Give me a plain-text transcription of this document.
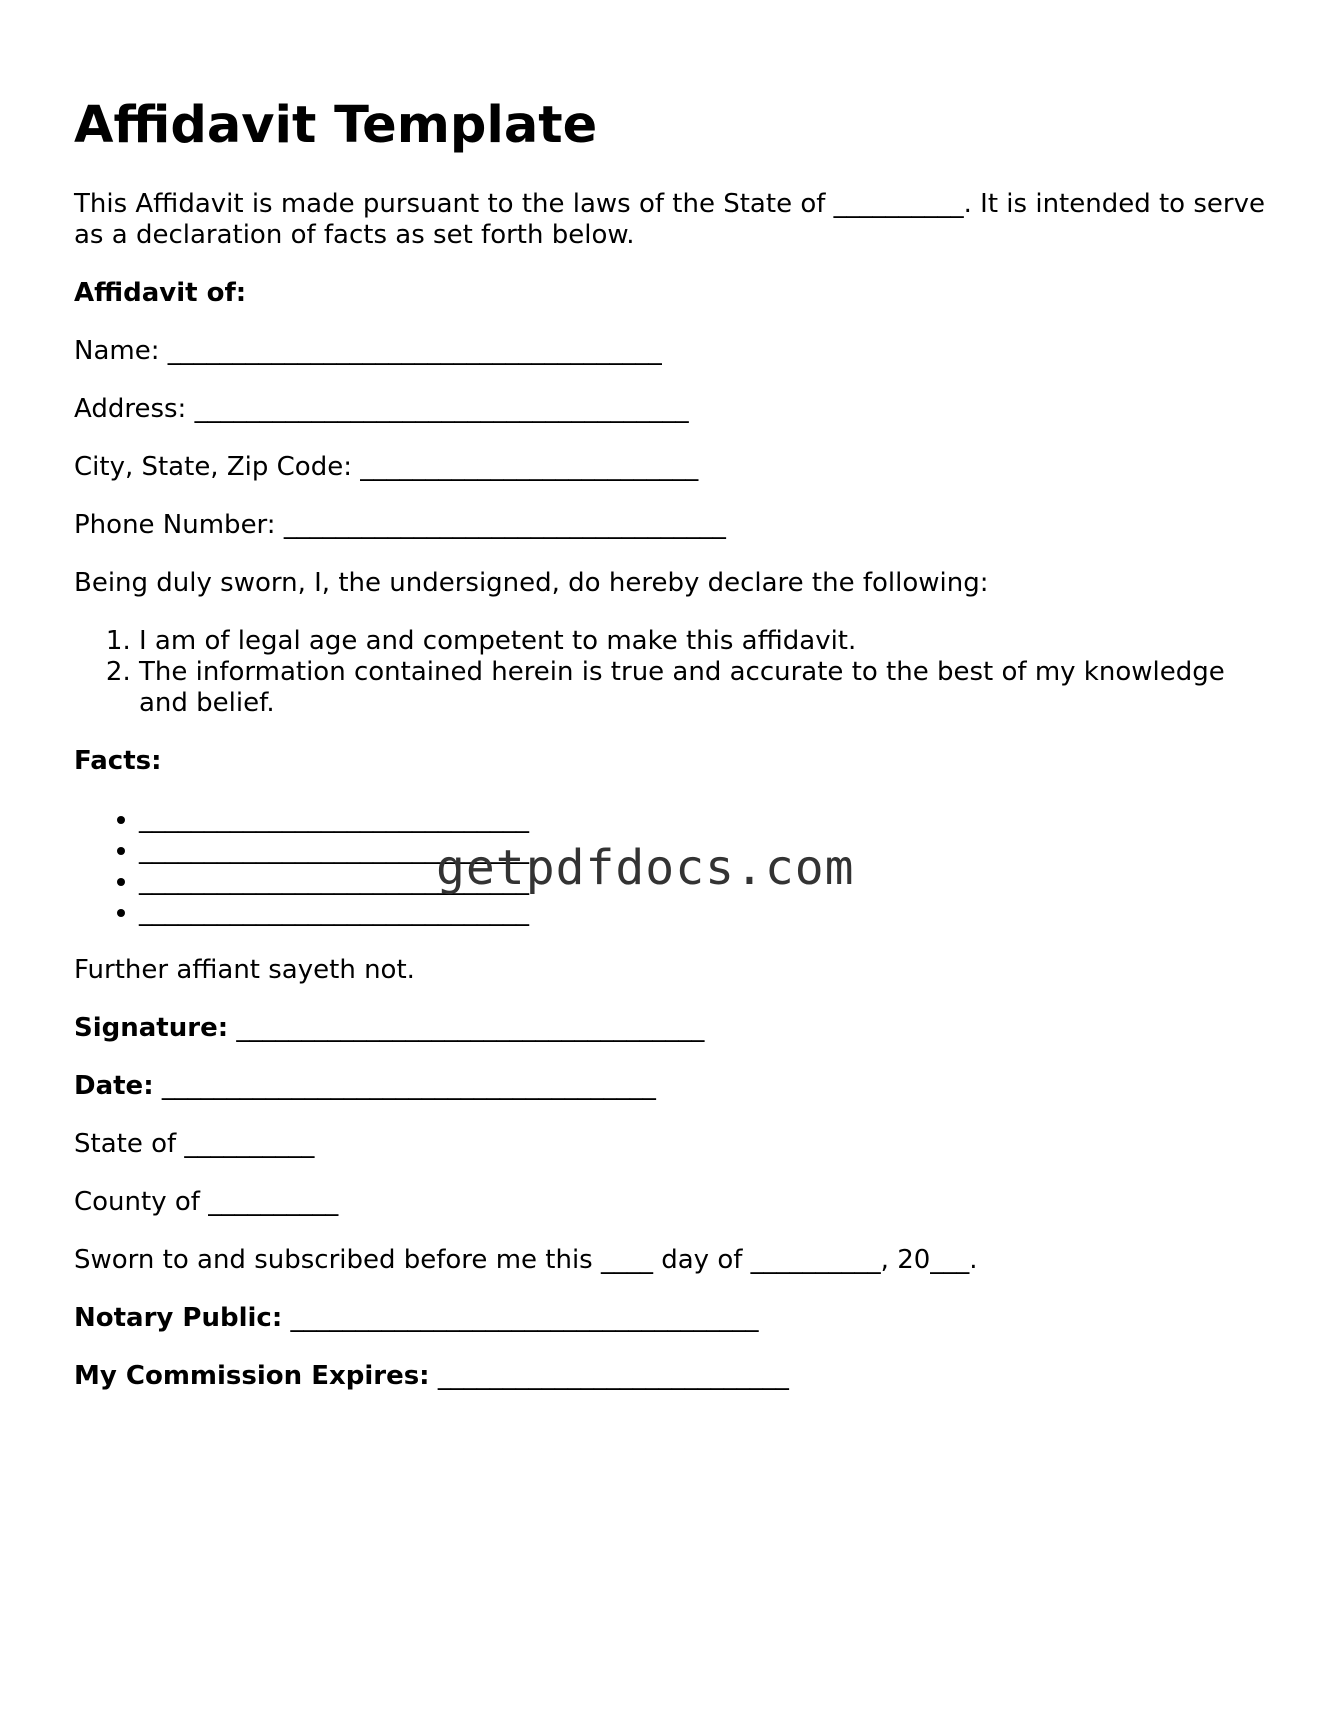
Affidavit Template

This Affidavit is made pursuant to the laws of the State of __________. It is intended to serve as a declaration of facts as set forth below.

Affidavit of:

Name: ______________________________________

Address: ______________________________________

City, State, Zip Code: __________________________

Phone Number: __________________________________

Being duly sworn, I, the undersigned, do hereby declare the following:

1. I am of legal age and competent to make this affidavit.
2. The information contained herein is true and accurate to the best of my knowledge and belief.

Facts:

• ______________________________
• ______________________________
• ______________________________
• ______________________________

Further affiant sayeth not.

Signature: ____________________________________

Date: ______________________________________

State of __________

County of __________

Sworn to and subscribed before me this ____ day of __________, 20___.

Notary Public: ____________________________________

My Commission Expires: ___________________________

getpdfdocs.com
